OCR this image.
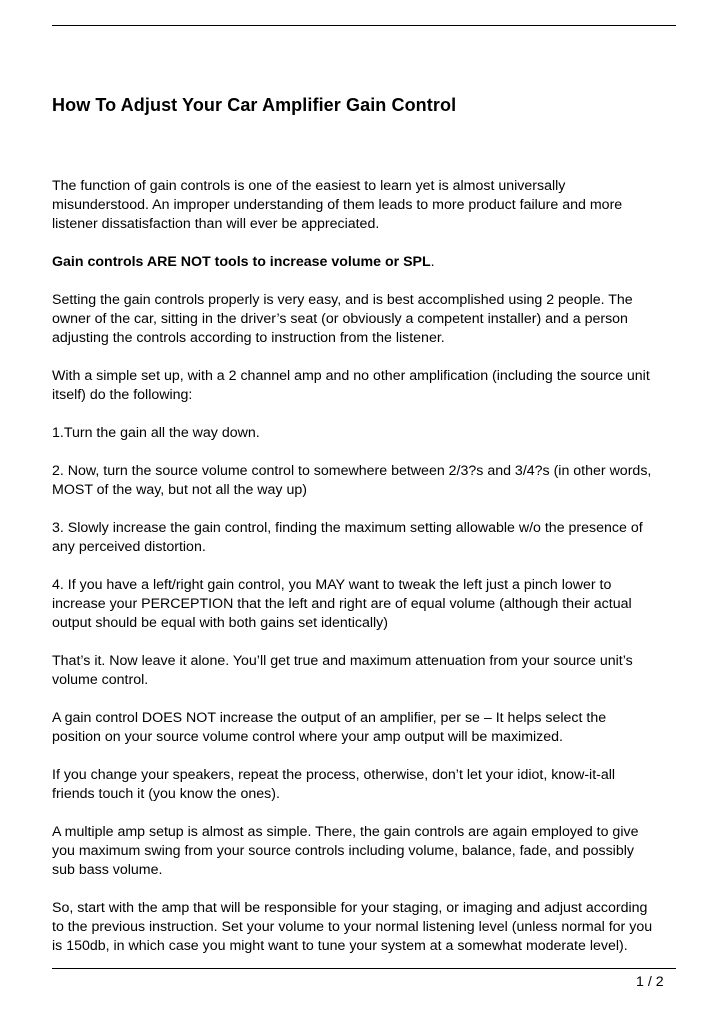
How To Adjust Your Car Amplifier Gain Control

The function of gain controls is one of the easiest to learn yet is almost universally
misunderstood. An improper understanding of them leads to more product failure and more
listener dissatisfaction than will ever be appreciated.

Gain controls ARE NOT tools to increase volume or SPL.

Setting the gain controls properly is very easy, and is best accomplished using 2 people. The
owner of the car, sitting in the driver’s seat (or obviously a competent installer) and a person
adjusting the controls according to instruction from the listener.

With a simple set up, with a 2 channel amp and no other amplification (including the source unit
itself) do the following:

1.Turn the gain all the way down.

2. Now, turn the source volume control to somewhere between 2/3?s and 3/4?s (in other words,
MOST of the way, but not all the way up)

3. Slowly increase the gain control, finding the maximum setting allowable w/o the presence of
any perceived distortion.

4. If you have a left/right gain control, you MAY want to tweak the left just a pinch lower to
increase your PERCEPTION that the left and right are of equal volume (although their actual
output should be equal with both gains set identically)

That’s it. Now leave it alone. You’ll get true and maximum attenuation from your source unit’s
volume control.

A gain control DOES NOT increase the output of an amplifier, per se – It helps select the
position on your source volume control where your amp output will be maximized.

If you change your speakers, repeat the process, otherwise, don’t let your idiot, know-it-all
friends touch it (you know the ones).

A multiple amp setup is almost as simple. There, the gain controls are again employed to give
you maximum swing from your source controls including volume, balance, fade, and possibly
sub bass volume.

So, start with the amp that will be responsible for your staging, or imaging and adjust according
to the previous instruction. Set your volume to your normal listening level (unless normal for you
is 150db, in which case you might want to tune your system at a somewhat moderate level).

1 / 2
